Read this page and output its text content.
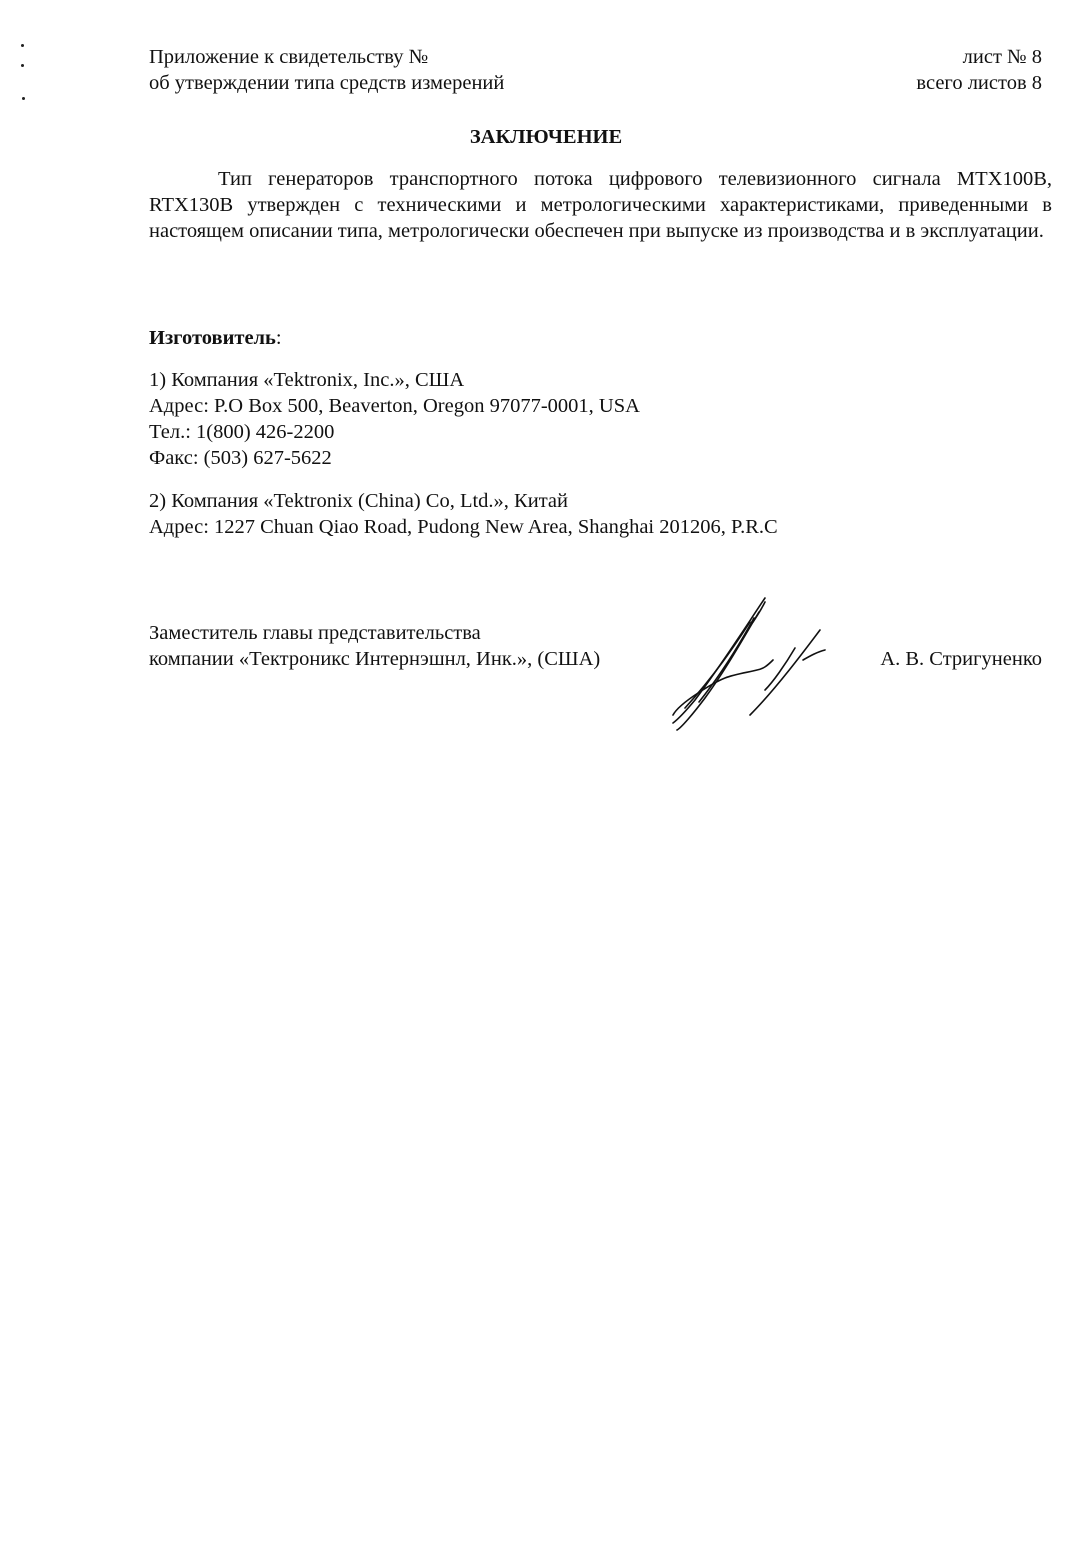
Приложение к свидетельству №
об утверждении типа средств измерений
лист № 8
всего листов 8
ЗАКЛЮЧЕНИЕ

Тип генераторов транспортного потока цифрового телевизионного сигнала MTX100B, RTX130B утвержден с техническими и метрологическими характеристиками, приведенными в настоящем описании типа, метрологически обеспечен при выпуске из производства и в эксплуатации.

Изготовитель:
1) Компания «Tektronix, Inc.», США
Адрес: P.O Box 500, Beaverton, Oregon 97077-0001, USA
Тел.: 1(800) 426-2200
Факс: (503) 627-5622
2) Компания «Tektronix (China) Co, Ltd.», Китай
Адрес: 1227 Chuan Qiao Road, Pudong New Area, Shanghai 201206, P.R.C
Заместитель главы представительства
компании «Тектроникс Интернэшнл, Инк.», (США)	А. В. Стригуненко
